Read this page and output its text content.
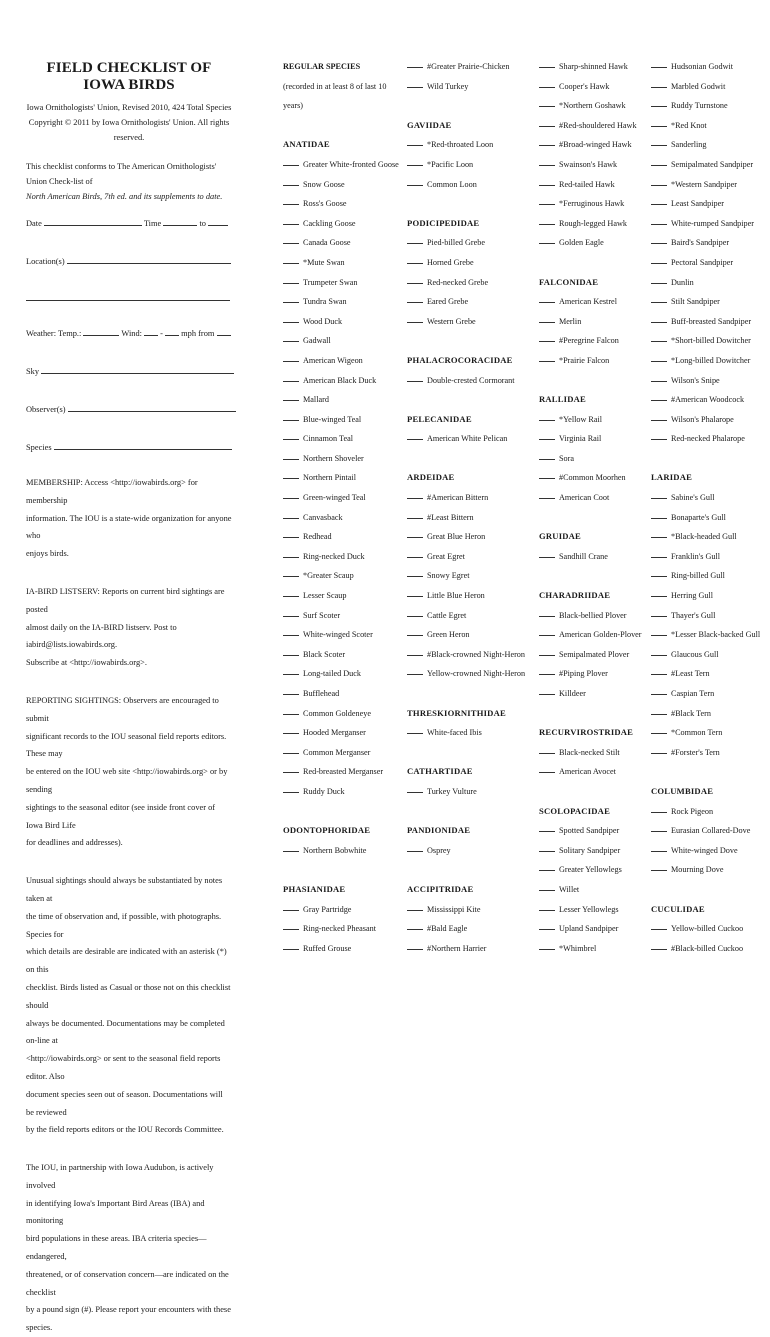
FIELD CHECKLIST OF IOWA BIRDS
Iowa Ornithologists' Union, Revised 2010, 424 Total Species
Copyright © 2011 by Iowa Ornithologists' Union. All rights reserved.
This checklist conforms to The American Ornithologists' Union Check-list of
North American Birds, 7th ed. and its supplements to date.
Date	Time	to
Location(s)
Weather: Temp.:	Wind: - mph from
Sky
Observer(s)
Species
MEMBERSHIP: Access <http://iowabirds.org> for membership
information. The IOU is a state-wide organization for anyone who
enjoys birds.
IA-BIRD LISTSERV: Reports on current bird sightings are posted
almost daily on the IA-BIRD listserv. Post to iabird@lists.iowabirds.org.
Subscribe at <http://iowabirds.org>.
REPORTING SIGHTINGS: Observers are encouraged to submit
significant records to the IOU seasonal field reports editors. These may
be entered on the IOU web site <http://iowabirds.org> or by sending
sightings to the seasonal editor (see inside front cover of Iowa Bird Life
for deadlines and addresses).
Unusual sightings should always be substantiated by notes taken at
the time of observation and, if possible, with photographs. Species for
which details are desirable are indicated with an asterisk (*) on this
checklist. Birds listed as Casual or those not on this checklist should
always be documented. Documentations may be completed on-line at
<http://iowabirds.org> or sent to the seasonal field reports editor. Also
document species seen out of season. Documentations will be reviewed
by the field reports editors or the IOU Records Committee.
The IOU, in partnership with Iowa Audubon, is actively involved
in identifying Iowa's Important Bird Areas (IBA) and monitoring
bird populations in these areas. IBA criteria species—endangered,
threatened, or of conservation concern—are indicated on the checklist
by a pound sign (#). Please report your encounters with these species.
REGULAR SPECIES
(recorded in at least 8 of last 10
years)
ANATIDAE
Greater White-fronted Goose
Snow Goose
Ross's Goose
Cackling Goose
Canada Goose
*Mute Swan
Trumpeter Swan
Tundra Swan
Wood Duck
Gadwall
American Wigeon
American Black Duck
Mallard
Blue-winged Teal
Cinnamon Teal
Northern Shoveler
Northern Pintail
Green-winged Teal
Canvasback
Redhead
Ring-necked Duck
*Greater Scaup
Lesser Scaup
Surf Scoter
White-winged Scoter
Black Scoter
Long-tailed Duck
Bufflehead
Common Goldeneye
Hooded Merganser
Common Merganser
Red-breasted Merganser
Ruddy Duck
ODONTOPHORIDAE
Northern Bobwhite
PHASIANIDAE
Gray Partridge
Ring-necked Pheasant
Ruffed Grouse
#Greater Prairie-Chicken
Wild Turkey
GAVIIDAE
*Red-throated Loon
*Pacific Loon
Common Loon
PODICIPEDIDAE
Pied-billed Grebe
Horned Grebe
Red-necked Grebe
Eared Grebe
Western Grebe
PHALACROCORACIDAE
Double-crested Cormorant
PELECANIDAE
American White Pelican
ARDEIDAE
#American Bittern
#Least Bittern
Great Blue Heron
Great Egret
Snowy Egret
Little Blue Heron
Cattle Egret
Green Heron
#Black-crowned Night-Heron
Yellow-crowned Night-Heron
THRESKIORNITHIDAE
White-faced Ibis
CATHARTIDAE
Turkey Vulture
PANDIONIDAE
Osprey
ACCIPITRIDAE
Mississippi Kite
#Bald Eagle
#Northern Harrier
Sharp-shinned Hawk
Cooper's Hawk
*Northern Goshawk
#Red-shouldered Hawk
#Broad-winged Hawk
Swainson's Hawk
Red-tailed Hawk
*Ferruginous Hawk
Rough-legged Hawk
Golden Eagle
FALCONIDAE
American Kestrel
Merlin
#Peregrine Falcon
*Prairie Falcon
RALLIDAE
*Yellow Rail
Virginia Rail
Sora
#Common Moorhen
American Coot
GRUIDAE
Sandhill Crane
CHARADRIIDAE
Black-bellied Plover
American Golden-Plover
Semipalmated Plover
#Piping Plover
Killdeer
RECURVIROSTRIDAE
Black-necked Stilt
American Avocet
SCOLOPACIDAE
Spotted Sandpiper
Solitary Sandpiper
Greater Yellowlegs
Willet
Lesser Yellowlegs
Upland Sandpiper
*Whimbrel
Hudsonian Godwit
Marbled Godwit
Ruddy Turnstone
*Red Knot
Sanderling
Semipalmated Sandpiper
*Western Sandpiper
Least Sandpiper
White-rumped Sandpiper
Baird's Sandpiper
Pectoral Sandpiper
Dunlin
Stilt Sandpiper
Buff-breasted Sandpiper
*Short-billed Dowitcher
*Long-billed Dowitcher
Wilson's Snipe
#American Woodcock
Wilson's Phalarope
Red-necked Phalarope
LARIDAE
Sabine's Gull
Bonaparte's Gull
*Black-headed Gull
Franklin's Gull
Ring-billed Gull
Herring Gull
Thayer's Gull
*Lesser Black-backed Gull
Glaucous Gull
#Least Tern
Caspian Tern
#Black Tern
*Common Tern
#Forster's Tern
COLUMBIDAE
Rock Pigeon
Eurasian Collared-Dove
White-winged Dove
Mourning Dove
CUCULIDAE
Yellow-billed Cuckoo
#Black-billed Cuckoo
